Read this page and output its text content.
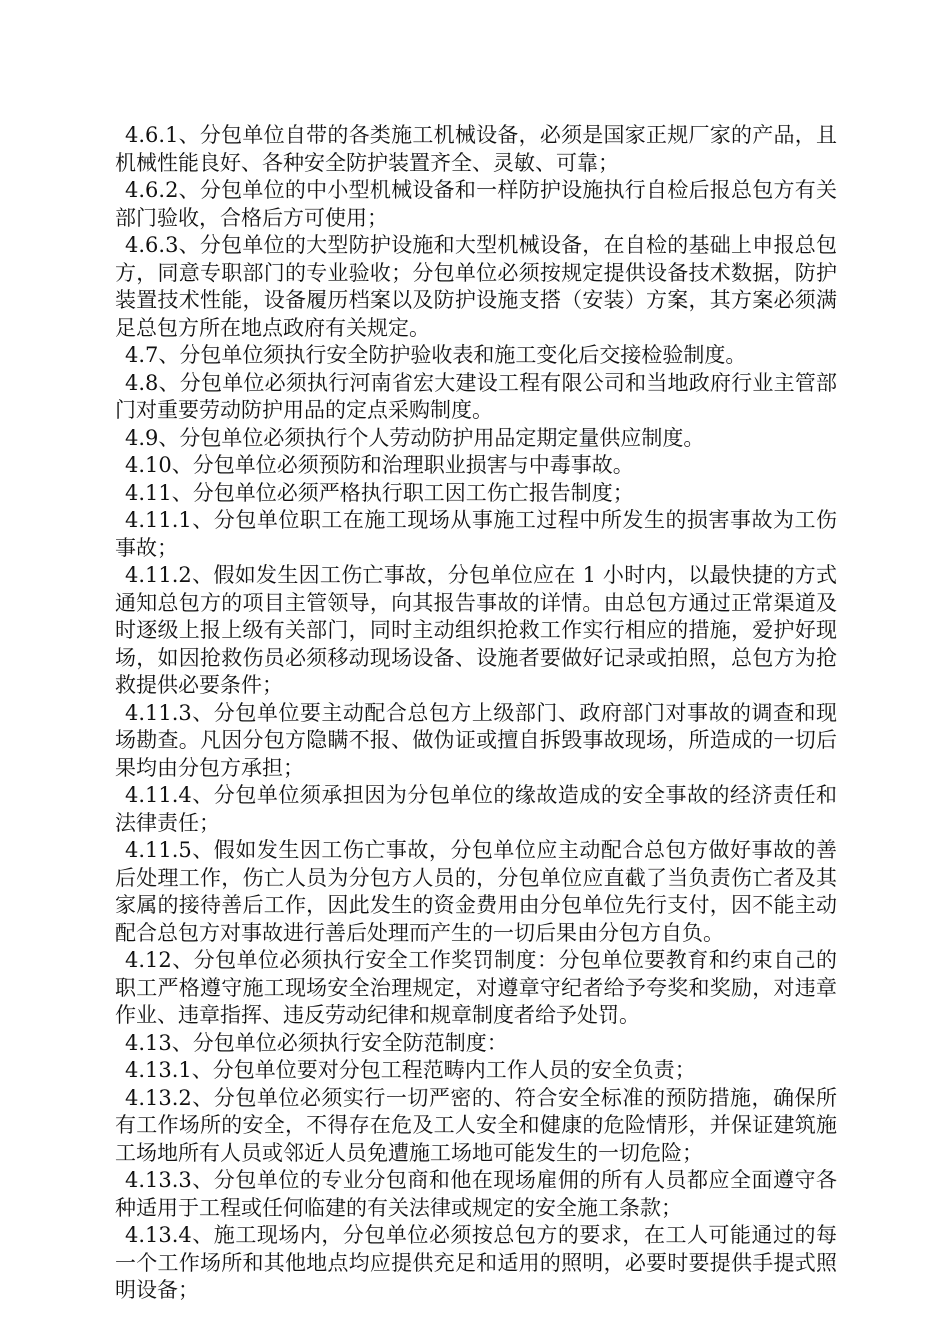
4.6.1、分包单位自带的各类施工机械设备，必须是国家正规厂家的产品，且机械性能良好、各种安全防护装置齐全、灵敏、可靠；

4.6.2、分包单位的中小型机械设备和一样防护设施执行自检后报总包方有关部门验收，合格后方可使用；

4.6.3、分包单位的大型防护设施和大型机械设备，在自检的基础上申报总包方，同意专职部门的专业验收；分包单位必须按规定提供设备技术数据，防护装置技术性能，设备履历档案以及防护设施支搭（安装）方案，其方案必须满足总包方所在地点政府有关规定。

4.7、分包单位须执行安全防护验收表和施工变化后交接检验制度。

4.8、分包单位必须执行河南省宏大建设工程有限公司和当地政府行业主管部门对重要劳动防护用品的定点采购制度。

4.9、分包单位必须执行个人劳动防护用品定期定量供应制度。

4.10、分包单位必须预防和治理职业损害与中毒事故。

4.11、分包单位必须严格执行职工因工伤亡报告制度；

4.11.1、分包单位职工在施工现场从事施工过程中所发生的损害事故为工伤事故；

4.11.2、假如发生因工伤亡事故，分包单位应在 1 小时内，以最快捷的方式通知总包方的项目主管领导，向其报告事故的详情。由总包方通过正常渠道及时逐级上报上级有关部门，同时主动组织抢救工作实行相应的措施，爱护好现场，如因抢救伤员必须移动现场设备、设施者要做好记录或拍照，总包方为抢救提供必要条件；

4.11.3、分包单位要主动配合总包方上级部门、政府部门对事故的调查和现场勘查。凡因分包方隐瞒不报、做伪证或擅自拆毁事故现场，所造成的一切后果均由分包方承担；

4.11.4、分包单位须承担因为分包单位的缘故造成的安全事故的经济责任和法律责任；

4.11.5、假如发生因工伤亡事故，分包单位应主动配合总包方做好事故的善后处理工作，伤亡人员为分包方人员的，分包单位应直截了当负责伤亡者及其家属的接待善后工作，因此发生的资金费用由分包单位先行支付，因不能主动配合总包方对事故进行善后处理而产生的一切后果由分包方自负。

4.12、分包单位必须执行安全工作奖罚制度：分包单位要教育和约束自己的职工严格遵守施工现场安全治理规定，对遵章守纪者给予夸奖和奖励，对违章作业、违章指挥、违反劳动纪律和规章制度者给予处罚。

4.13、分包单位必须执行安全防范制度：

4.13.1、分包单位要对分包工程范畴内工作人员的安全负责；

4.13.2、分包单位必须实行一切严密的、符合安全标准的预防措施，确保所有工作场所的安全，不得存在危及工人安全和健康的危险情形，并保证建筑施工场地所有人员或邻近人员免遭施工场地可能发生的一切危险；

4.13.3、分包单位的专业分包商和他在现场雇佣的所有人员都应全面遵守各种适用于工程或任何临建的有关法律或规定的安全施工条款；

4.13.4、施工现场内，分包单位必须按总包方的要求，在工人可能通过的每一个工作场所和其他地点均应提供充足和适用的照明，必要时要提供手提式照明设备；
